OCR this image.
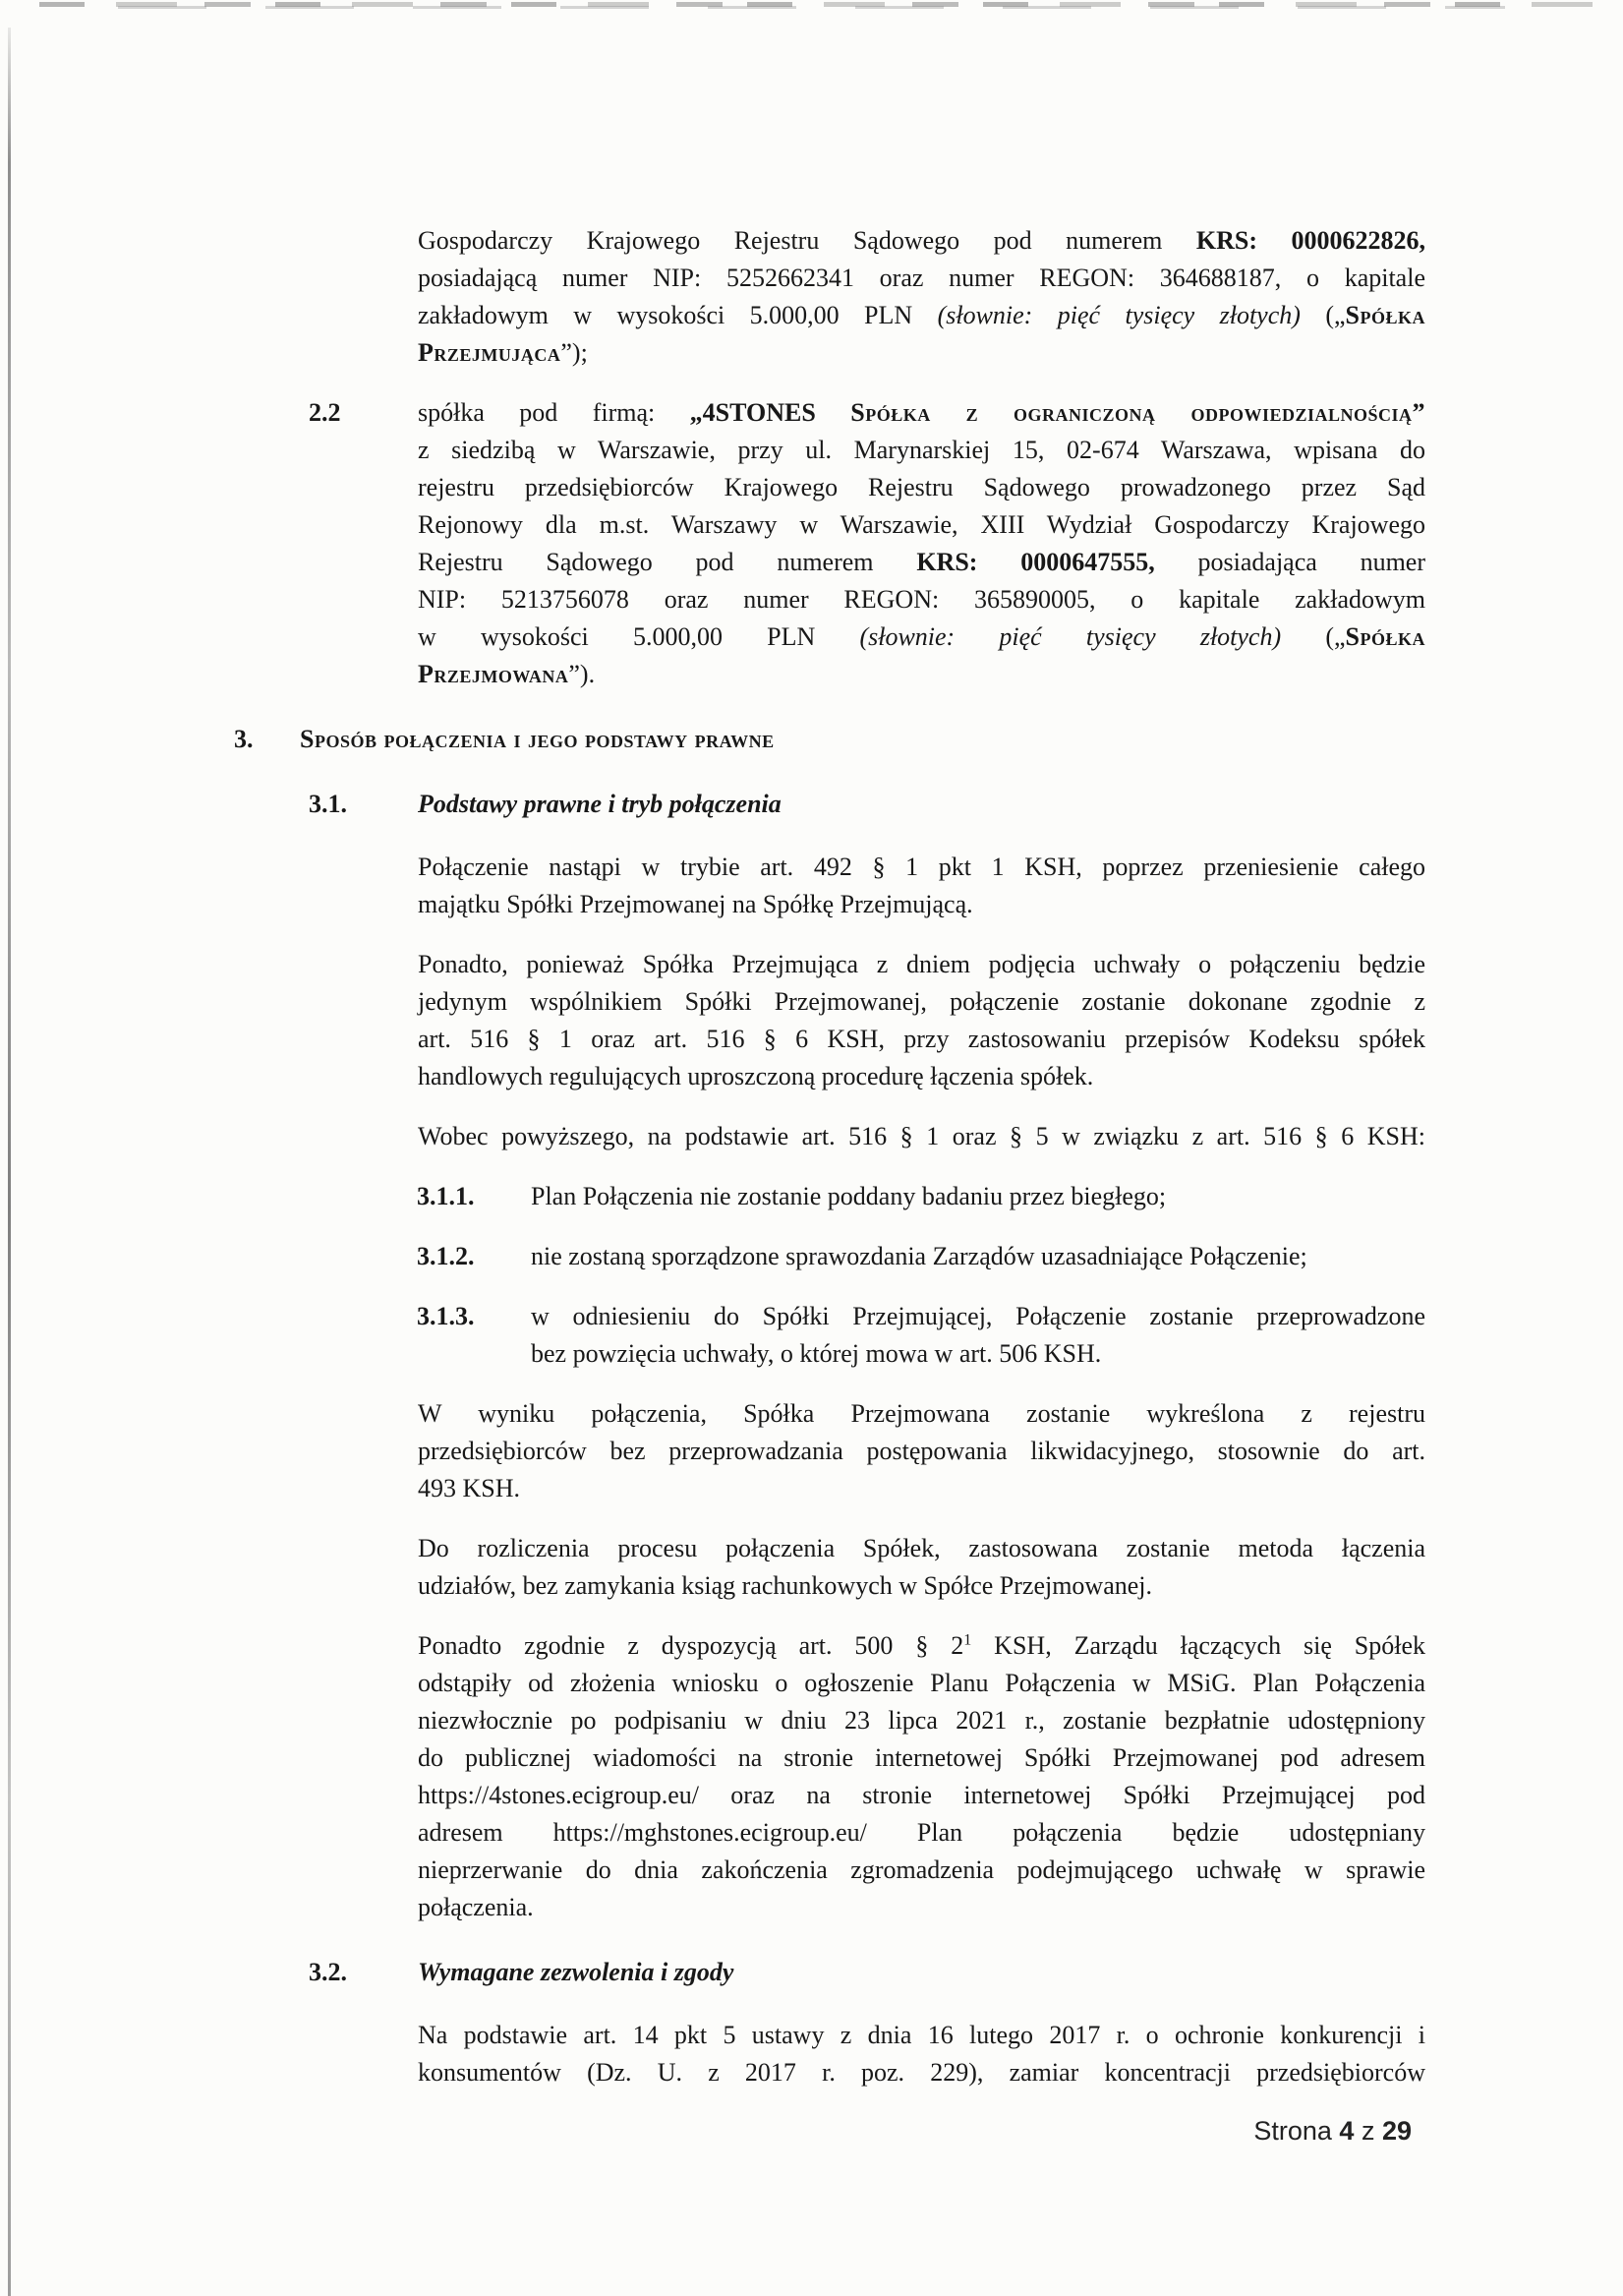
Gospodarczy Krajowego Rejestru Sądowego pod numerem KRS: 0000622826,
posiadającą numer NIP: 5252662341 oraz numer REGON: 364688187, o kapitale
zakładowym w wysokości 5.000,00 PLN (słownie: pięć tysięcy złotych) („Spółka
Przejmująca”);
2.2	spółka pod firmą: „4STONES Spółka z ograniczoną odpowiedzialnością”
z siedzibą w Warszawie, przy ul. Marynarskiej 15, 02-674 Warszawa, wpisana do
rejestru przedsiębiorców Krajowego Rejestru Sądowego prowadzonego przez Sąd
Rejonowy dla m.st. Warszawy w Warszawie, XIII Wydział Gospodarczy Krajowego
Rejestru Sądowego pod numerem KRS: 0000647555, posiadająca numer
NIP: 5213756078 oraz numer REGON: 365890005, o kapitale zakładowym
w wysokości 5.000,00 PLN (słownie: pięć tysięcy złotych) („Spółka
Przejmowana”).
3. Sposób połączenia i jego podstawy prawne
3.1.	Podstawy prawne i tryb połączenia
Połączenie nastąpi w trybie art. 492 § 1 pkt 1 KSH, poprzez przeniesienie całego
majątku Spółki Przejmowanej na Spółkę Przejmującą.
Ponadto, ponieważ Spółka Przejmująca z dniem podjęcia uchwały o połączeniu będzie
jedynym wspólnikiem Spółki Przejmowanej, połączenie zostanie dokonane zgodnie z
art. 516 § 1 oraz art. 516 § 6 KSH, przy zastosowaniu przepisów Kodeksu spółek
handlowych regulujących uproszczoną procedurę łączenia spółek.
Wobec powyższego, na podstawie art. 516 § 1 oraz § 5 w związku z art. 516 § 6 KSH:
3.1.1. Plan Połączenia nie zostanie poddany badaniu przez biegłego;
3.1.2. nie zostaną sporządzone sprawozdania Zarządów uzasadniające Połączenie;
3.1.3. w odniesieniu do Spółki Przejmującej, Połączenie zostanie przeprowadzone
bez powzięcia uchwały, o której mowa w art. 506 KSH.
W wyniku połączenia, Spółka Przejmowana zostanie wykreślona z rejestru
przedsiębiorców bez przeprowadzania postępowania likwidacyjnego, stosownie do art.
493 KSH.
Do rozliczenia procesu połączenia Spółek, zastosowana zostanie metoda łączenia
udziałów, bez zamykania ksiąg rachunkowych w Spółce Przejmowanej.
Ponadto zgodnie z dyspozycją art. 500 § $2^1$ KSH, Zarządu łączących się Spółek
odstąpiły od złożenia wniosku o ogłoszenie Planu Połączenia w MSiG. Plan Połączenia
niezwłocznie po podpisaniu w dniu 23 lipca 2021 r., zostanie bezpłatnie udostępniony
do publicznej wiadomości na stronie internetowej Spółki Przejmowanej pod adresem
https://4stones.ecigroup.eu/ oraz na stronie internetowej Spółki Przejmującej pod
adresem https://mghstones.ecigroup.eu/ Plan połączenia będzie udostępniany
nieprzerwanie do dnia zakończenia zgromadzenia podejmującego uchwałę w sprawie
połączenia.
3.2.	Wymagane zezwolenia i zgody
Na podstawie art. 14 pkt 5 ustawy z dnia 16 lutego 2017 r. o ochronie konkurencji i
konsumentów (Dz. U. z 2017 r. poz. 229), zamiar koncentracji przedsiębiorców
Strona 4 z 29
